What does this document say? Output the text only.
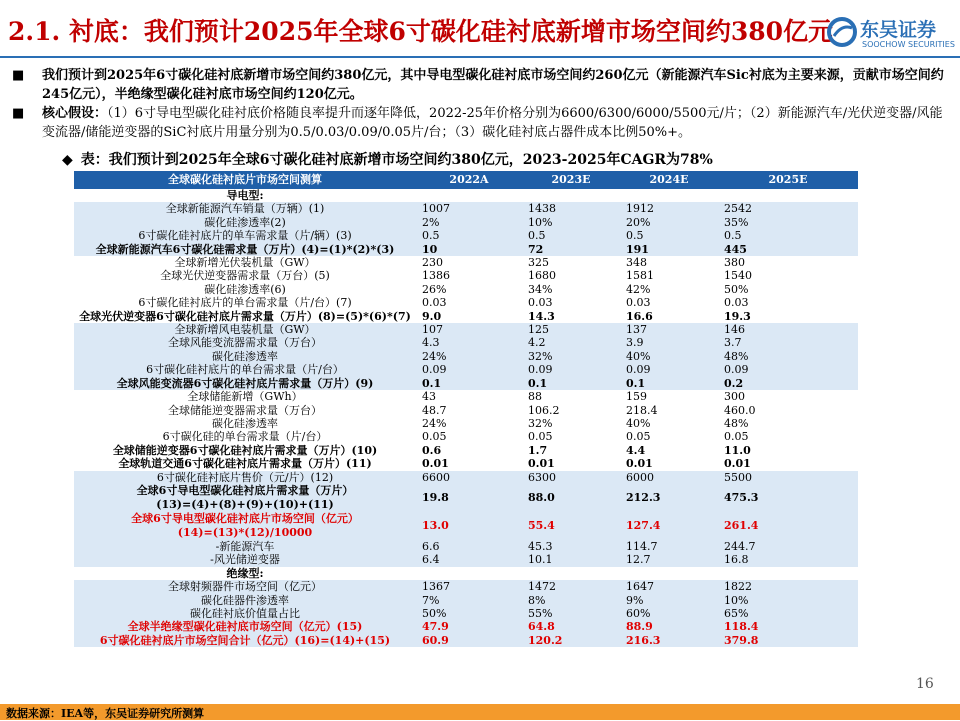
2.1. 衬底：我们预计2025年全球6寸碳化硅衬底新增市场空间约380亿元 东吴证券
SOOCHOW SECURITIES
■ 我们预计到2025年6寸碳化硅衬底新增市场空间约380亿元，其中导电型碳化硅衬底市场空间约260亿元（新能源汽车Sic衬底为主要来源，贡献市场空间约245亿元），半绝缘型碳化硅衬底市场空间约120亿元。
■ 核心假设：（1）6寸导电型碳化硅衬底价格随良率提升而逐年降低，2022-25年价格分别为6600/6300/6000/5500元/片；（2）新能源汽车/光伏逆变器/风能变流器/储能逆变器的SiC衬底片用量分别为0.5/0.03/0.09/0.05片/台；（3）碳化硅衬底占器件成本比例50%+。
◆ 表：我们预计到2025年全球6寸碳化硅衬底新增市场空间约380亿元，2023-2025年CAGR为78%
全球碳化硅衬底片市场空间测算	2022A	2023E	2024E	2025E
导电型:				
全球新能源汽车销量（万辆）(1)	1007	1438	1912	2542
碳化硅渗透率(2)	2%	10%	20%	35%
6寸碳化硅衬底片的单车需求量（片/辆）(3)	0.5	0.5	0.5	0.5
全球新能源汽车6寸碳化硅需求量（万片）(4)=(1)*(2)*(3)	10	72	191	445
全球新增光伏装机量（GW）	230	325	348	380
全球光伏逆变器需求量（万台）(5)	1386	1680	1581	1540
碳化硅渗透率(6)	26%	34%	42%	50%
6寸碳化硅衬底片的单台需求量（片/台）(7)	0.03	0.03	0.03	0.03
全球光伏逆变器6寸碳化硅衬底片需求量（万片）(8)=(5)*(6)*(7)	9.0	14.3	16.6	19.3
全球新增风电装机量（GW）	107	125	137	146
全球风能变流器需求量（万台）	4.3	4.2	3.9	3.7
碳化硅渗透率	24%	32%	40%	48%
6寸碳化硅衬底片的单台需求量（片/台）	0.09	0.09	0.09	0.09
全球风能变流器6寸碳化硅衬底片需求量（万片）(9)	0.1	0.1	0.1	0.2
全球储能新增（GWh）	43	88	159	300
全球储能逆变器需求量（万台）	48.7	106.2	218.4	460.0
碳化硅渗透率	24%	32%	40%	48%
6寸碳化硅的单台需求量（片/台）	0.05	0.05	0.05	0.05
全球储能逆变器6寸碳化硅衬底片需求量（万片）(10)	0.6	1.7	4.4	11.0
全球轨道交通6寸碳化硅衬底片需求量（万片）(11)	0.01	0.01	0.01	0.01
6寸碳化硅衬底片售价（元/片）(12)	6600	6300	6000	5500
全球6寸导电型碳化硅衬底片需求量（万片）
(13)=(4)+(8)+(9)+(10)+(11)	19.8	88.0	212.3	475.3
全球6寸导电型碳化硅衬底片市场空间（亿元）
(14)=(13)*(12)/10000	13.0	55.4	127.4	261.4
-新能源汽车	6.6	45.3	114.7	244.7
-风光储逆变器	6.4	10.1	12.7	16.8
绝缘型:				
全球射频器件市场空间（亿元）	1367	1472	1647	1822
碳化硅器件渗透率	7%	8%	9%	10%
碳化硅衬底价值量占比	50%	55%	60%	65%
全球半绝缘型碳化硅衬底市场空间（亿元）(15)	47.9	64.8	88.9	118.4
6寸碳化硅衬底片市场空间合计（亿元）(16)=(14)+(15)	60.9	120.2	216.3	379.8
16
数据来源：IEA等，东吴证券研究所测算
